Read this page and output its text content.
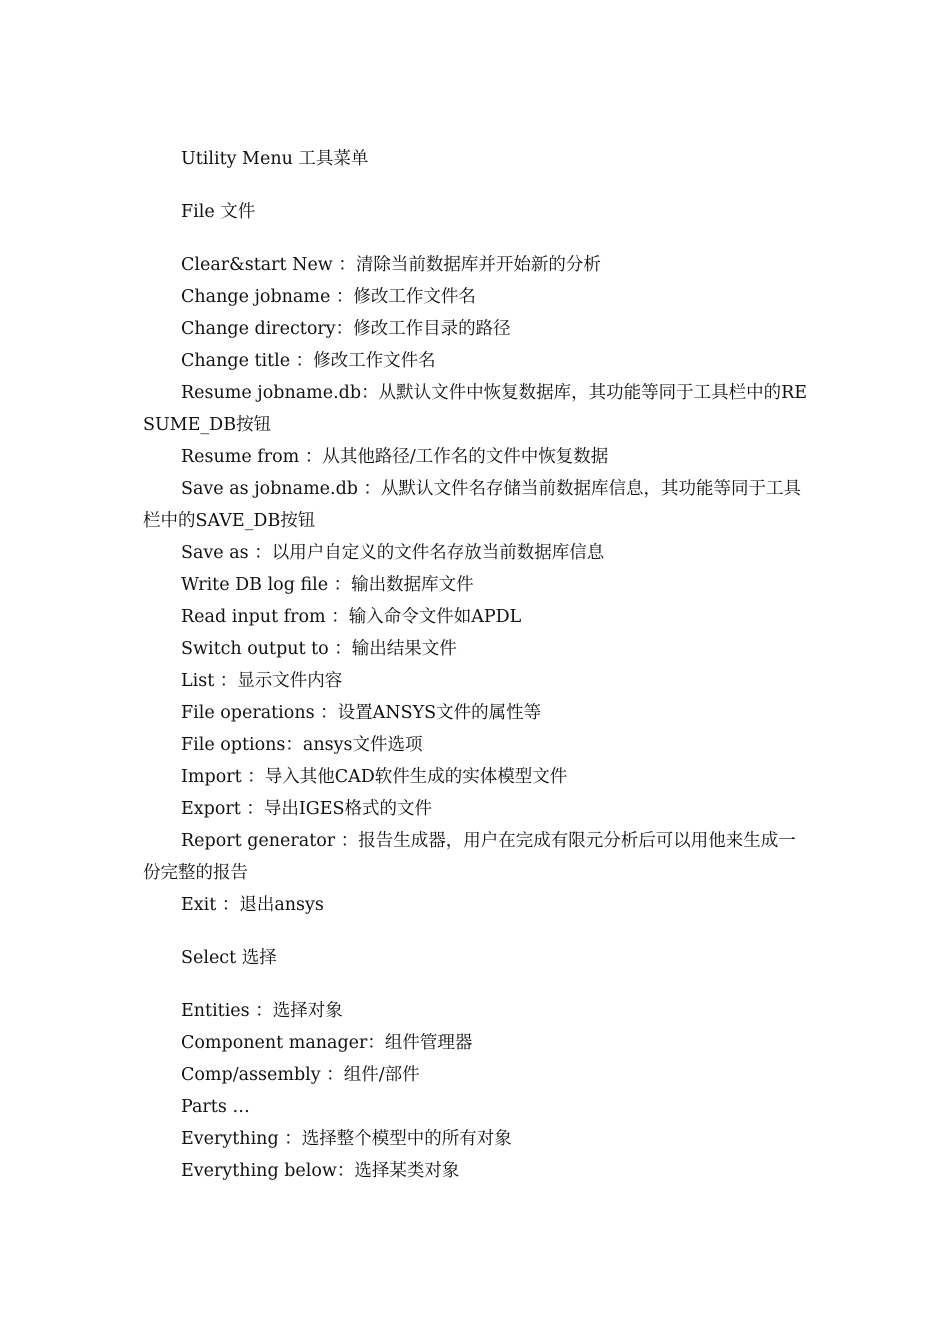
Utility Menu 工具菜单

File 文件

Clear&start New ：清除当前数据库并开始新的分析

Change jobname ：修改工作文件名

Change directory：修改工作目录的路径

Change title ：修改工作文件名

Resume jobname.db：从默认文件中恢复数据库，其功能等同于工具栏中的RESUME_DB按钮

Resume from ：从其他路径/工作名的文件中恢复数据

Save as jobname.db ：从默认文件名存储当前数据库信息，其功能等同于工具栏中的SAVE_DB按钮

Save as ：以用户自定义的文件名存放当前数据库信息

Write DB log file ：输出数据库文件

Read input from ：输入命令文件如APDL

Switch output to ：输出结果文件

List ：显示文件内容

File operations ：设置ANSYS文件的属性等

File options：ansys文件选项

Import ：导入其他CAD软件生成的实体模型文件

Export ：导出IGES格式的文件

Report generator ：报告生成器，用户在完成有限元分析后可以用他来生成一份完整的报告

Exit ：退出ansys

Select 选择

Entities ：选择对象

Component manager：组件管理器

Comp/assembly ：组件/部件

Parts …

Everything ：选择整个模型中的所有对象

Everything below：选择某类对象
